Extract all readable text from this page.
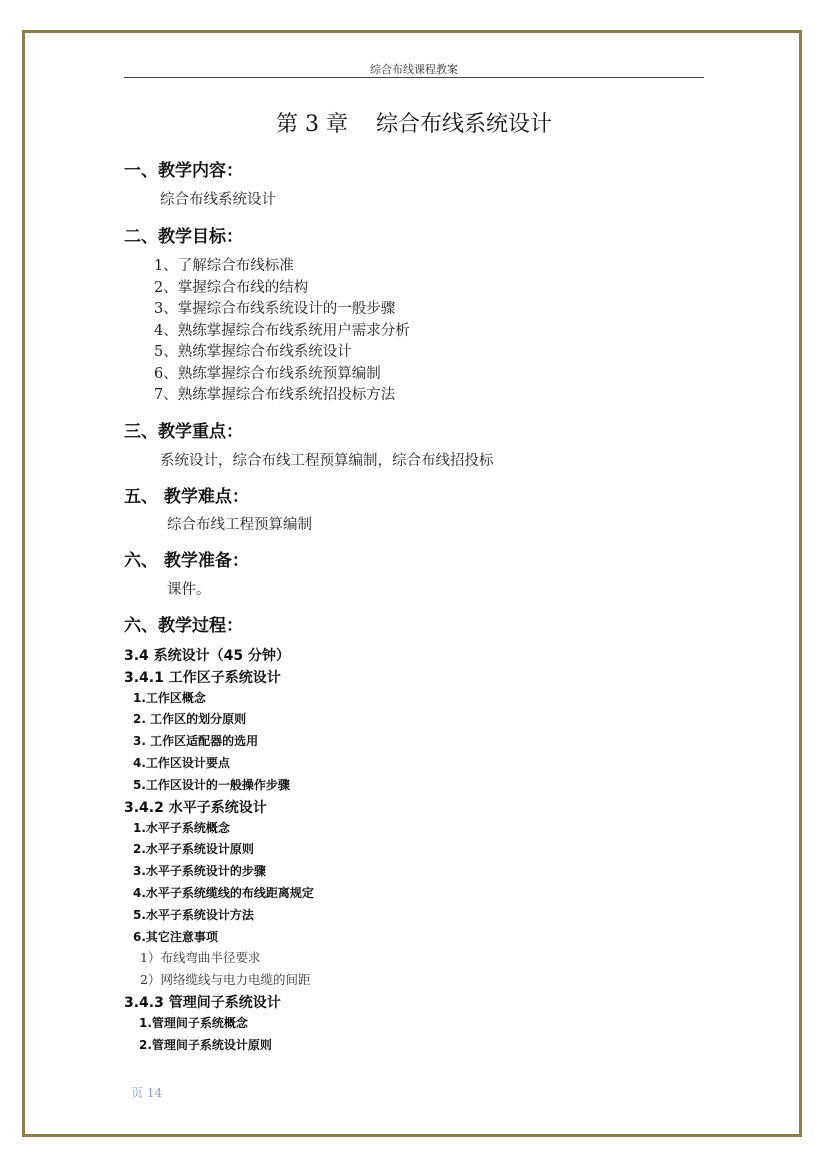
综合布线课程教案
第 3 章    综合布线系统设计
一、教学内容：
综合布线系统设计
二、教学目标：
1、了解综合布线标准
2、掌握综合布线的结构
3、掌握综合布线系统设计的一般步骤
4、熟练掌握综合布线系统用户需求分析
5、熟练掌握综合布线系统设计
6、熟练掌握综合布线系统预算编制
7、熟练掌握综合布线系统招投标方法
三、教学重点：
系统设计，综合布线工程预算编制，综合布线招投标
五、 教学难点：
综合布线工程预算编制
六、 教学准备：
课件。
六、教学过程：
3.4 系统设计（45 分钟）
3.4.1 工作区子系统设计
1.工作区概念
2. 工作区的划分原则
3. 工作区适配器的选用
4.工作区设计要点
5.工作区设计的一般操作步骤
3.4.2 水平子系统设计
1.水平子系统概念
2.水平子系统设计原则
3.水平子系统设计的步骤
4.水平子系统缆线的布线距离规定
5.水平子系统设计方法
6.其它注意事项
1）布线弯曲半径要求
2）网络缆线与电力电缆的间距
3.4.3 管理间子系统设计
1.管理间子系统概念
2.管理间子系统设计原则
页 14
